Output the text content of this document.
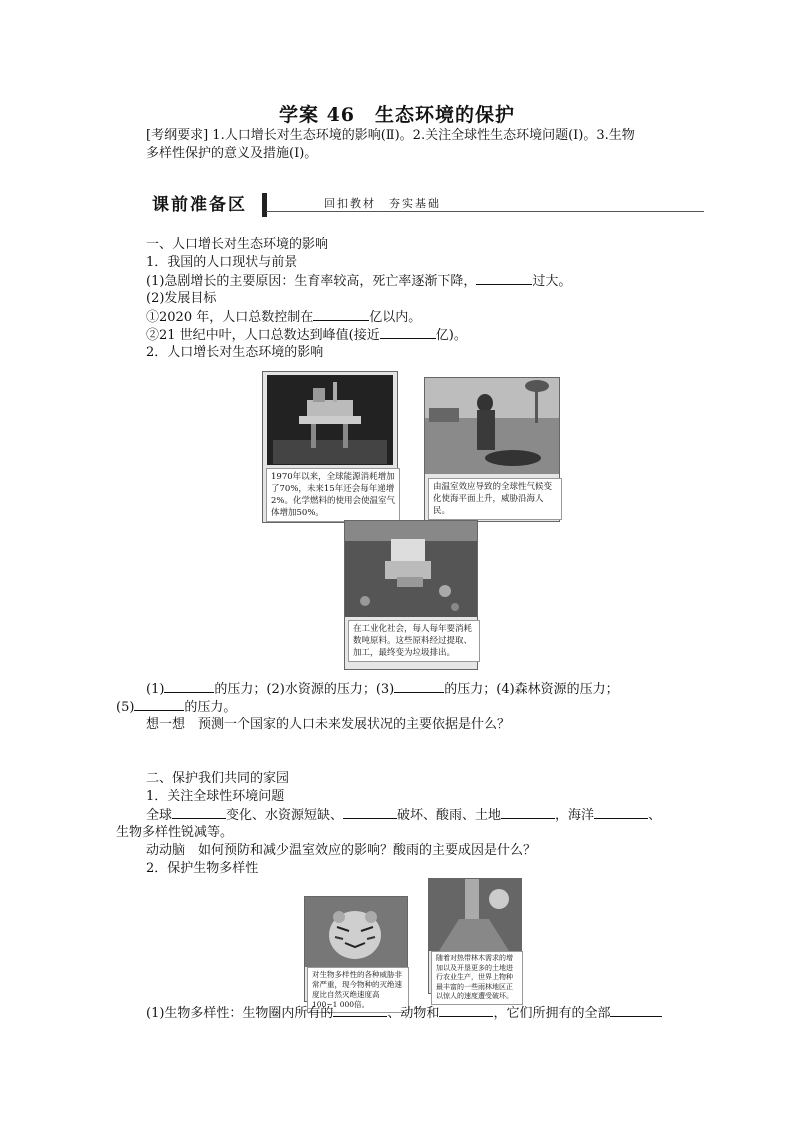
学案 46　生态环境的保护
[考纲要求] 1.人口增长对生态环境的影响(Ⅱ)。2.关注全球性生态环境问题(Ⅰ)。3.生物
多样性保护的意义及措施(Ⅰ)。
课前准备区	回扣教材　夯实基础
一、人口增长对生态环境的影响
1．我国的人口现状与前景
(1)急剧增长的主要原因：生育率较高，死亡率逐渐下降，	过大。
(2)发展目标
①2020 年，人口总数控制在	亿以内。
②21 世纪中叶，人口总数达到峰值(接近	亿)。
2．人口增长对生态环境的影响
1970年以来，全球能源消耗增加了70%，未来15年还会每年递增2%。化学燃料的使用会使温室气体增加50%。
由温室效应导致的全球性气候变化使海平面上升，威胁沿海人民。
在工业化社会，每人每年要消耗数吨原料。这些原料经过提取、加工，最终变为垃圾排出。
(1)	的压力；(2)水资源的压力；(3)	的压力；(4)森林资源的压力；
(5)	的压力。
想一想　预测一个国家的人口未来发展状况的主要依据是什么？
二、保护我们共同的家园
1．关注全球性环境问题
全球	变化、水资源短缺、	破坏、酸雨、土地	，海洋	、
生物多样性锐减等。
动动脑　如何预防和减少温室效应的影响？酸雨的主要成因是什么？
2．保护生物多样性
对生物多样性的各种威胁非常严重，现今物种的灭绝速度比自然灭绝速度高100~1 000倍。
随着对热带林木需求的增加以及开垦更多的土地进行农业生产，世界上物种最丰富的一些雨林地区正以惊人的速度遭受破坏。
(1)生物多样性：生物圈内所有的	、动物和	，它们所拥有的全部
